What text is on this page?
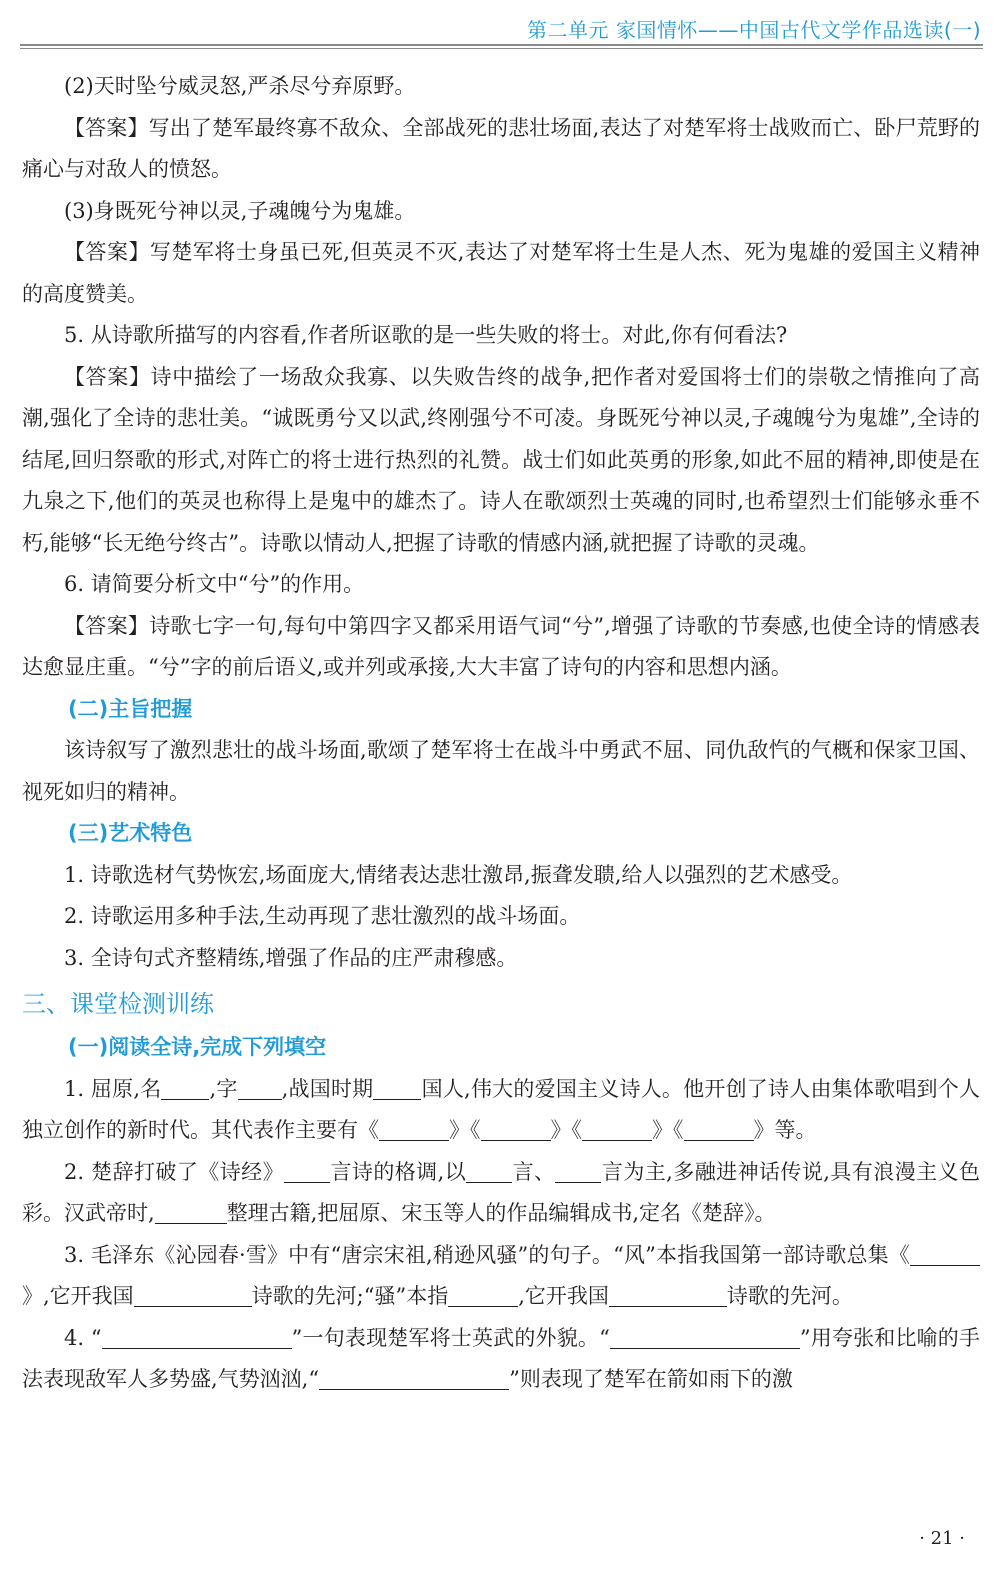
第二单元 家国情怀——中国古代文学作品选读(一)

(2)天时坠兮威灵怒,严杀尽兮弃原野。

【答案】写出了楚军最终寡不敌众、全部战死的悲壮场面,表达了对楚军将士战败而亡、卧尸荒野的痛心与对敌人的愤怒。

(3)身既死兮神以灵,子魂魄兮为鬼雄。

【答案】写楚军将士身虽已死,但英灵不灭,表达了对楚军将士生是人杰、死为鬼雄的爱国主义精神的高度赞美。

5. 从诗歌所描写的内容看,作者所讴歌的是一些失败的将士。对此,你有何看法?

【答案】诗中描绘了一场敌众我寡、以失败告终的战争,把作者对爱国将士们的崇敬之情推向了高潮,强化了全诗的悲壮美。“诚既勇兮又以武,终刚强兮不可凌。身既死兮神以灵,子魂魄兮为鬼雄”,全诗的结尾,回归祭歌的形式,对阵亡的将士进行热烈的礼赞。战士们如此英勇的形象,如此不屈的精神,即使是在九泉之下,他们的英灵也称得上是鬼中的雄杰了。诗人在歌颂烈士英魂的同时,也希望烈士们能够永垂不朽,能够“长无绝兮终古”。诗歌以情动人,把握了诗歌的情感内涵,就把握了诗歌的灵魂。

6. 请简要分析文中“兮”的作用。

【答案】诗歌七字一句,每句中第四字又都采用语气词“兮”,增强了诗歌的节奏感,也使全诗的情感表达愈显庄重。“兮”字的前后语义,或并列或承接,大大丰富了诗句的内容和思想内涵。

(二)主旨把握

该诗叙写了激烈悲壮的战斗场面,歌颂了楚军将士在战斗中勇武不屈、同仇敌忾的气概和保家卫国、视死如归的精神。

(三)艺术特色

1. 诗歌选材气势恢宏,场面庞大,情绪表达悲壮激昂,振聋发聩,给人以强烈的艺术感受。

2. 诗歌运用多种手法,生动再现了悲壮激烈的战斗场面。

3. 全诗句式齐整精练,增强了作品的庄严肃穆感。

三、课堂检测训练
(一)阅读全诗,完成下列填空

1. 屈原,名 ,字 ,战国时期 国人,伟大的爱国主义诗人。他开创了诗人由集体歌唱到个人独立创作的新时代。其代表作主要有《	》《	》《	》《	》等。

2. 楚辞打破了《诗经》 言诗的格调,以 言、 言为主,多融进神话传说,具有浪漫主义色彩。汉武帝时,	整理古籍,把屈原、宋玉等人的作品编辑成书,定名《楚辞》。

3. 毛泽东《沁园春·雪》中有“唐宗宋祖,稍逊风骚”的句子。“风”本指我国第一部诗歌总集《》,它开我国	诗歌的先河;“骚”本指	,它开我国	诗歌的先河。

4. “	”一句表现楚军将士英武的外貌。“	”用夸张和比喻的手法表现敌军人多势盛,气势汹汹,“	”则表现了楚军在箭如雨下的激

· 21 ·
